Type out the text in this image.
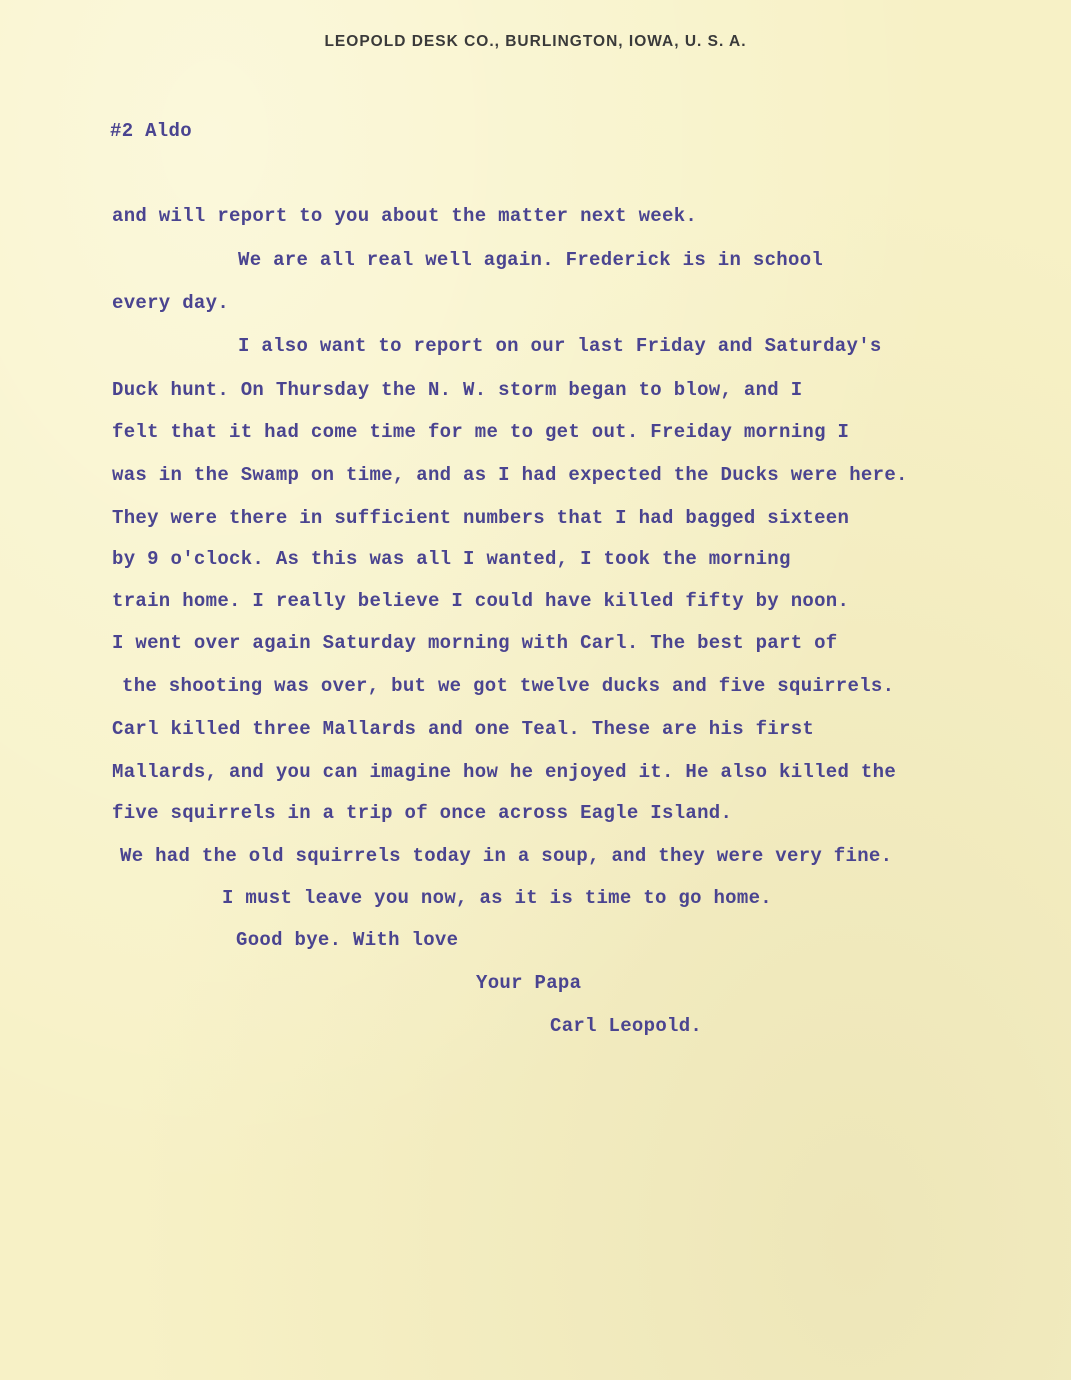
LEOPOLD DESK CO., BURLINGTON, IOWA, U. S. A.
#2 Aldo
and will report to you about the matter next week.
We are all real well again. Frederick is in school
every day.
I also want to report on our last Friday and Saturday's
Duck hunt. On Thursday the N. W. storm began to blow, and I
felt that it had come time for me to get out. Freiday morning I
was in the Swamp on time, and as I had expected the Ducks were here.
They were there in sufficient numbers that I had bagged sixteen
by 9 o'clock. As this was all I wanted, I took the morning
train home. I really believe I could have killed fifty by noon.
I went over again Saturday morning with Carl. The best part of
the shooting was over, but we got twelve ducks and five squirrels.
Carl killed three Mallards and one Teal. These are his first
Mallards, and you can imagine how he enjoyed it. He also killed the
five squirrels in a trip of once across Eagle Island.
We had the old squirrels today in a soup, and they were very fine.
I must leave you now, as it is time to go home.
Good bye. With love
Your Papa
Carl Leopold.
